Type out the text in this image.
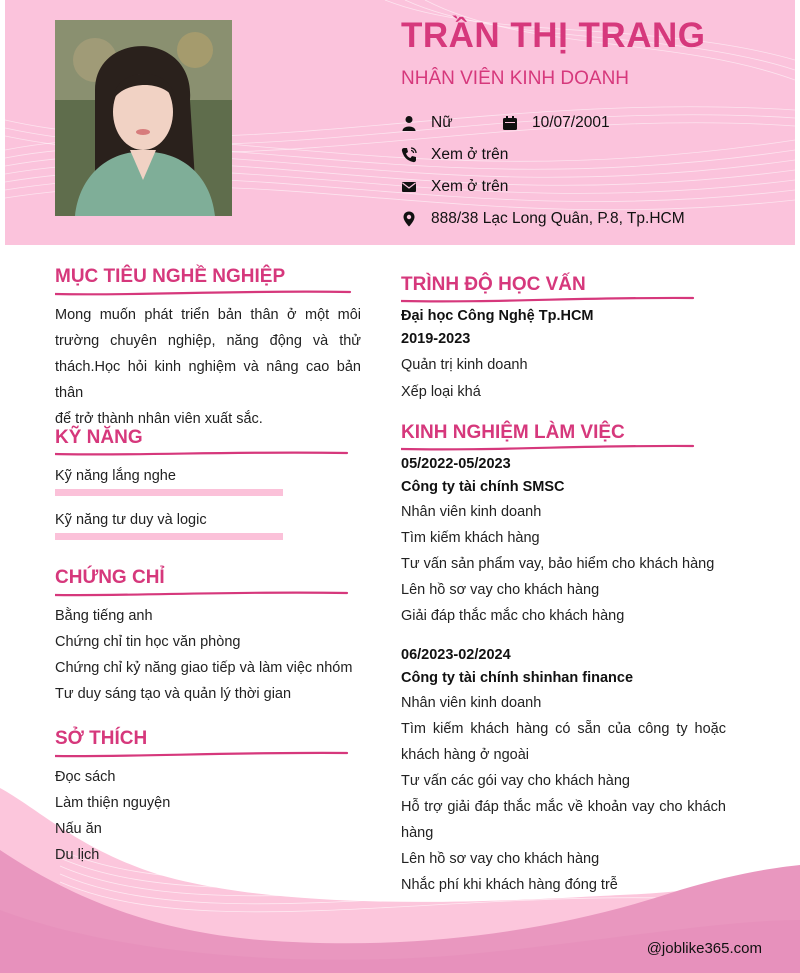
TRẦN THỊ TRANG
NHÂN VIÊN KINH DOANH
Nữ	10/07/2001
Xem ở trên
Xem ở trên
888/38 Lạc Long Quân, P.8, Tp.HCM
MỤC TIÊU NGHỀ NGHIỆP
Mong muốn phát triển bản thân ở một môi
trường chuyên nghiệp, năng động và thử
thách.Học hỏi kinh nghiệm và nâng cao bản thân
để trở thành nhân viên xuất sắc.
KỸ NĂNG
Kỹ năng lắng nghe
Kỹ năng tư duy và logic
CHỨNG CHỈ
Bằng tiếng anh
Chứng chỉ tin học văn phòng
Chứng chỉ kỷ năng giao tiếp và làm việc nhóm
Tư duy sáng tạo và quản lý thời gian
SỞ THÍCH
Đọc sách
Làm thiện nguyện
Nấu ăn
Du lịch
TRÌNH ĐỘ HỌC VẤN
Đại học Công Nghệ Tp.HCM
2019-2023
Quản trị kinh doanh
Xếp loại khá
KINH NGHIỆM LÀM VIỆC
05/2022-05/2023
Công ty tài chính SMSC
Nhân viên kinh doanh
Tìm kiếm khách hàng
Tư vấn sản phẩm vay, bảo hiểm cho khách hàng
Lên hồ sơ vay cho khách hàng
Giải đáp thắc mắc cho khách hàng
06/2023-02/2024
Công ty tài chính shinhan finance
Nhân viên kinh doanh
Tìm kiếm khách hàng có sẵn của công ty hoặc
khách hàng ở ngoài
Tư vấn các gói vay cho khách hàng
Hỗ trợ giải đáp thắc mắc về khoản vay cho khách
hàng
Lên hồ sơ vay cho khách hàng
Nhắc phí khi khách hàng đóng trễ
@joblike365.com
